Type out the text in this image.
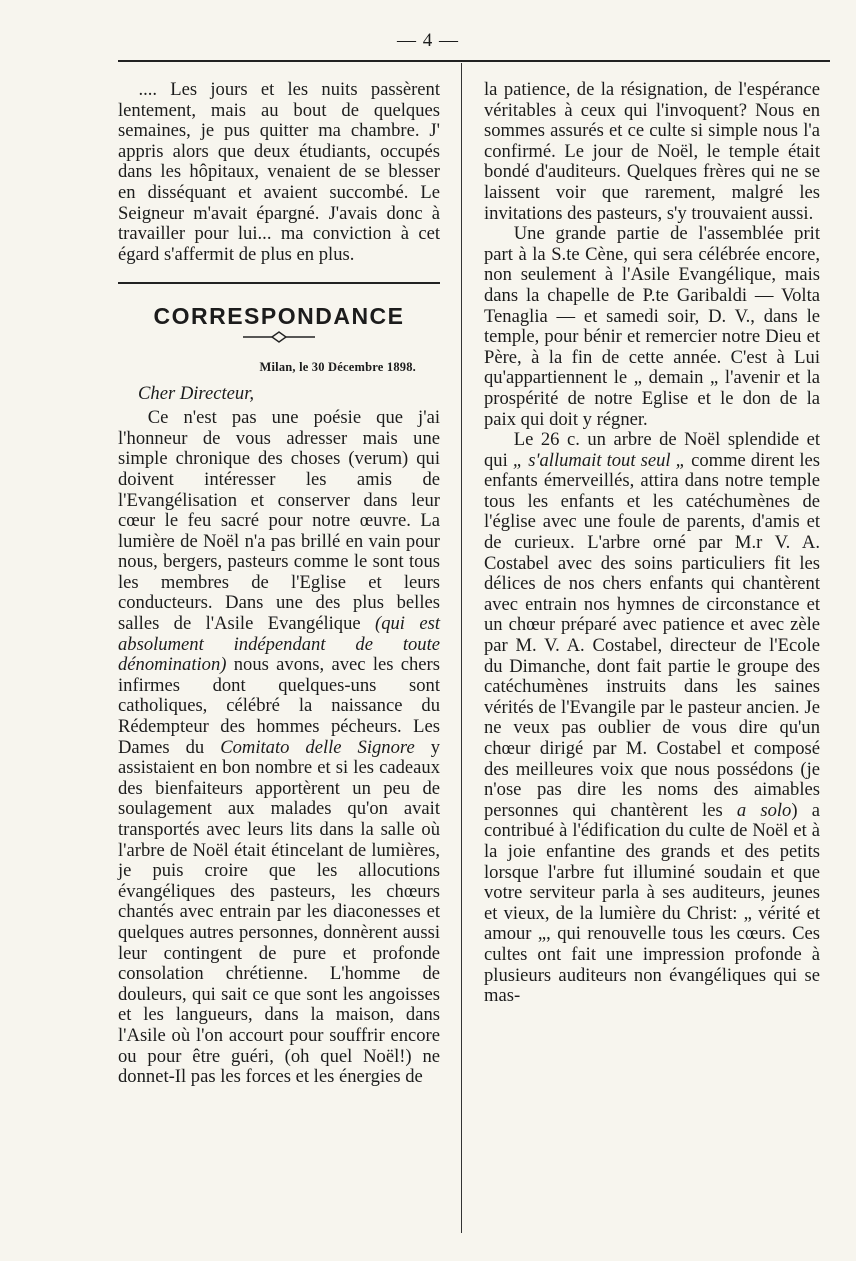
— 4 —

.... Les jours et les nuits passèrent lentement, mais au bout de quelques semaines, je pus quitter ma chambre. J' appris alors que deux étudiants, occupés dans les hôpitaux, venaient de se blesser en disséquant et avaient succombé. Le Seigneur m'avait épargné. J'avais donc à travailler pour lui... ma conviction à cet égard s'affermit de plus en plus.

CORRESPONDANCE
Milan, le 30 Décembre 1898.
Cher Directeur,

Ce n'est pas une poésie que j'ai l'honneur de vous adresser mais une simple chronique des choses (verum) qui doivent intéresser les amis de l'Evangélisation et conserver dans leur cœur le feu sacré pour notre œuvre. La lumière de Noël n'a pas brillé en vain pour nous, bergers, pasteurs comme le sont tous les membres de l'Eglise et leurs conducteurs. Dans une des plus belles salles de l'Asile Evangélique (qui est absolument indépendant de toute dénomination) nous avons, avec les chers infirmes dont quelques-uns sont catholiques, célébré la naissance du Rédempteur des hommes pécheurs. Les Dames du Comitato delle Signore y assistaient en bon nombre et si les cadeaux des bienfaiteurs apportèrent un peu de soulagement aux malades qu'on avait transportés avec leurs lits dans la salle où l'arbre de Noël était étincelant de lumières, je puis croire que les allocutions évangéliques des pasteurs, les chœurs chantés avec entrain par les diaconesses et quelques autres personnes, donnèrent aussi leur contingent de pure et profonde consolation chrétienne. L'homme de douleurs, qui sait ce que sont les angoisses et les langueurs, dans la maison, dans l'Asile où l'on accourt pour souffrir encore ou pour être guéri, (oh quel Noël!) ne donnet-Il pas les forces et les énergies de

la patience, de la résignation, de l'espérance véritables à ceux qui l'invoquent? Nous en sommes assurés et ce culte si simple nous l'a confirmé. Le jour de Noël, le temple était bondé d'auditeurs. Quelques frères qui ne se laissent voir que rarement, malgré les invitations des pasteurs, s'y trouvaient aussi.

Une grande partie de l'assemblée prit part à la S.te Cène, qui sera célébrée encore, non seulement à l'Asile Evangélique, mais dans la chapelle de P.te Garibaldi — Volta Tenaglia — et samedi soir, D. V., dans le temple, pour bénir et remercier notre Dieu et Père, à la fin de cette année. C'est à Lui qu'appartiennent le „ demain „ l'avenir et la prospérité de notre Eglise et le don de la paix qui doit y régner.

Le 26 c. un arbre de Noël splendide et qui „ s'allumait tout seul „ comme dirent les enfants émerveillés, attira dans notre temple tous les enfants et les catéchumènes de l'église avec une foule de parents, d'amis et de curieux. L'arbre orné par M.r V. A. Costabel avec des soins particuliers fit les délices de nos chers enfants qui chantèrent avec entrain nos hymnes de circonstance et un chœur préparé avec patience et avec zèle par M. V. A. Costabel, directeur de l'Ecole du Dimanche, dont fait partie le groupe des catéchumènes instruits dans les saines vérités de l'Evangile par le pasteur ancien. Je ne veux pas oublier de vous dire qu'un chœur dirigé par M. Costabel et composé des meilleures voix que nous possédons (je n'ose pas dire les noms des aimables personnes qui chantèrent les a solo) a contribué à l'édification du culte de Noël et à la joie enfantine des grands et des petits lorsque l'arbre fut illuminé soudain et que votre serviteur parla à ses auditeurs, jeunes et vieux, de la lumière du Christ: „ vérité et amour „, qui renouvelle tous les cœurs. Ces cultes ont fait une impression profonde à plusieurs auditeurs non évangéliques qui se mas-
